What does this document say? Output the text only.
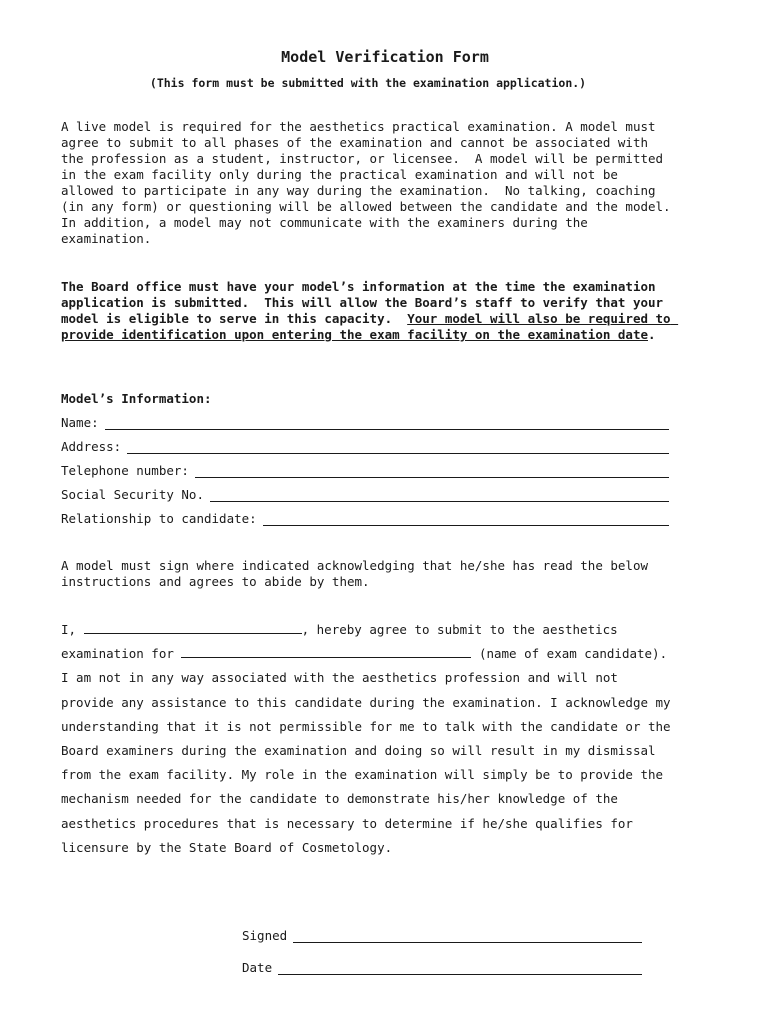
Model Verification Form
(This form must be submitted with the examination application.)
A live model is required for the aesthetics practical examination. A model must agree to submit to all phases of the examination and cannot be associated with the profession as a student, instructor, or licensee.  A model will be permitted in the exam facility only during the practical examination and will not be allowed to participate in any way during the examination.  No talking, coaching (in any form) or questioning will be allowed between the candidate and the model.  In addition, a model may not communicate with the examiners during the examination.
The Board office must have your model’s information at the time the examination application is submitted.  This will allow the Board’s staff to verify that your model is eligible to serve in this capacity.  Your model will also be required to provide identification upon entering the exam facility on the examination date.
Model’s Information:
Name:
Address:
Telephone number:
Social Security No.
Relationship to candidate:
A model must sign where indicated acknowledging that he/she has read the below instructions and agrees to abide by them.
I,	, hereby agree to submit to the aesthetics examination for	(name of exam candidate). I am not in any way associated with the aesthetics profession and will not provide any assistance to this candidate during the examination. I acknowledge my understanding that it is not permissible for me to talk with the candidate or the Board examiners during the examination and doing so will result in my dismissal from the exam facility. My role in the examination will simply be to provide the mechanism needed for the candidate to demonstrate his/her knowledge of the aesthetics procedures that is necessary to determine if he/she qualifies for licensure by the State Board of Cosmetology.
Signed
Date
